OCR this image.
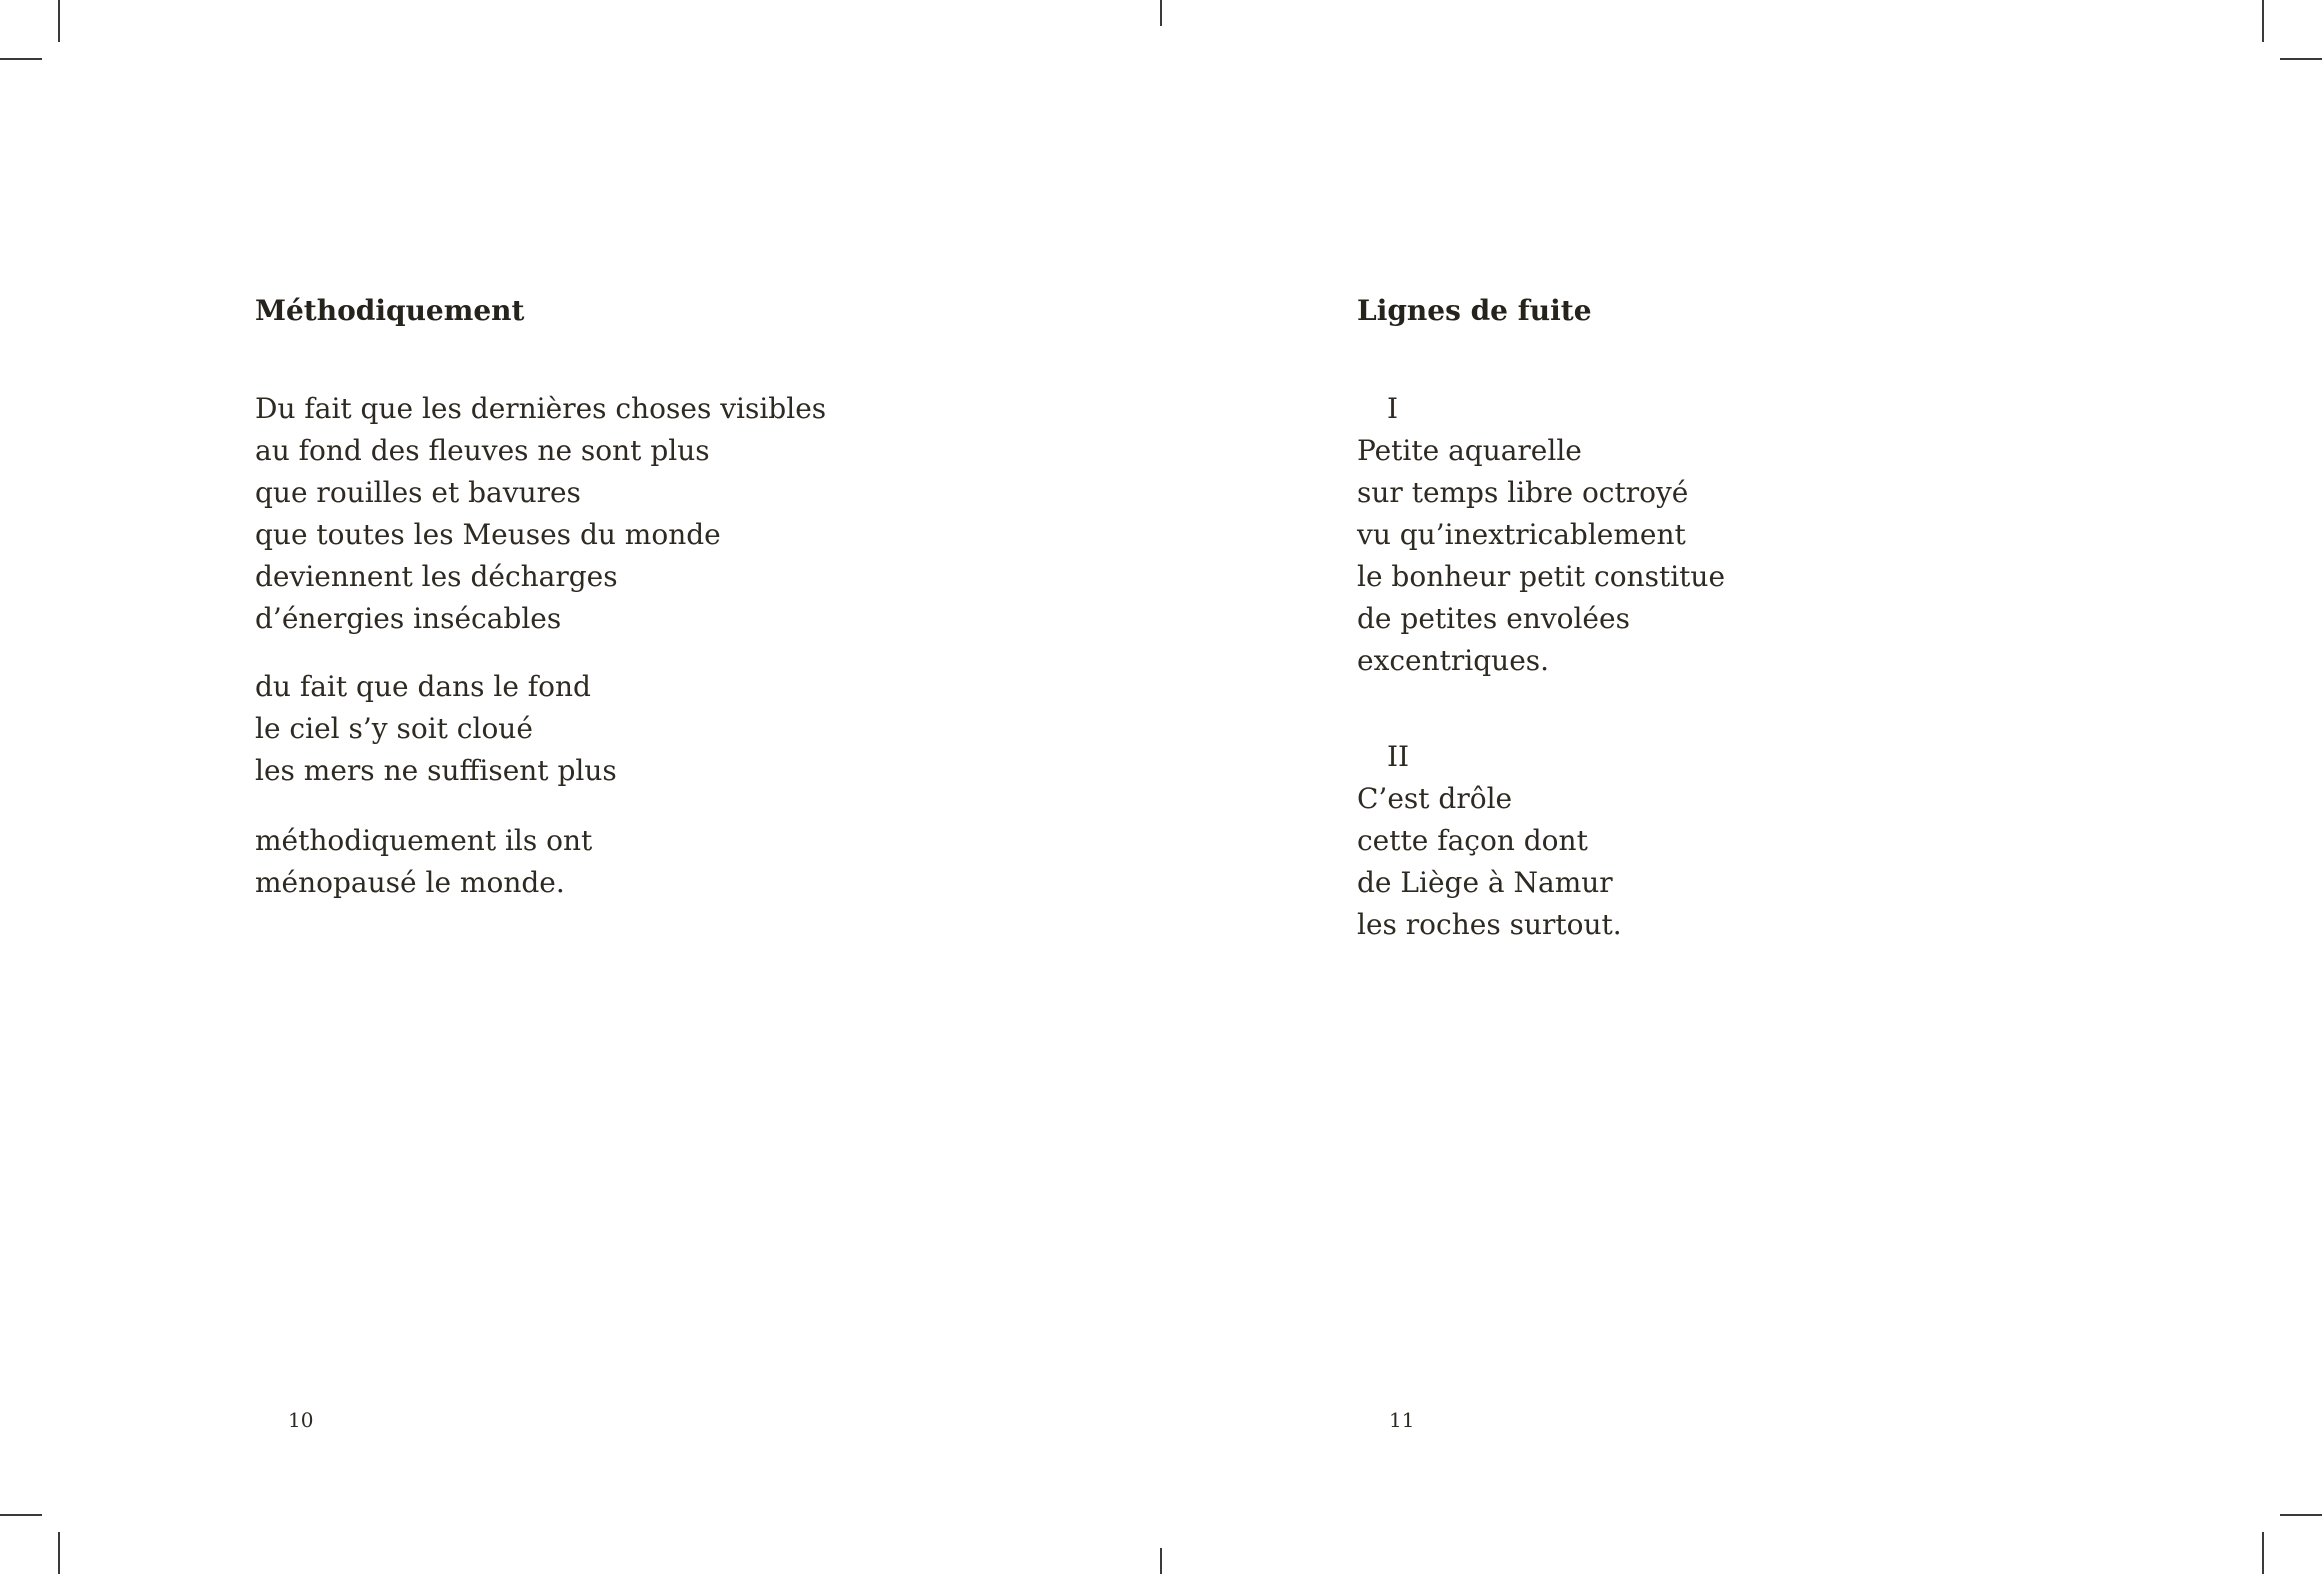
Méthodiquement
Du fait que les dernières choses visibles
au fond des fleuves ne sont plus
que rouilles et bavures
que toutes les Meuses du monde
deviennent les décharges
d’énergies insécables
du fait que dans le fond
le ciel s’y soit cloué
les mers ne suffisent plus
méthodiquement ils ont
ménopausé le monde.
10
Lignes de fuite
I
Petite aquarelle
sur temps libre octroyé
vu qu’inextricablement
le bonheur petit constitue
de petites envolées
excentriques.
II
C’est drôle
cette façon dont
de Liège à Namur
les roches surtout.
11
